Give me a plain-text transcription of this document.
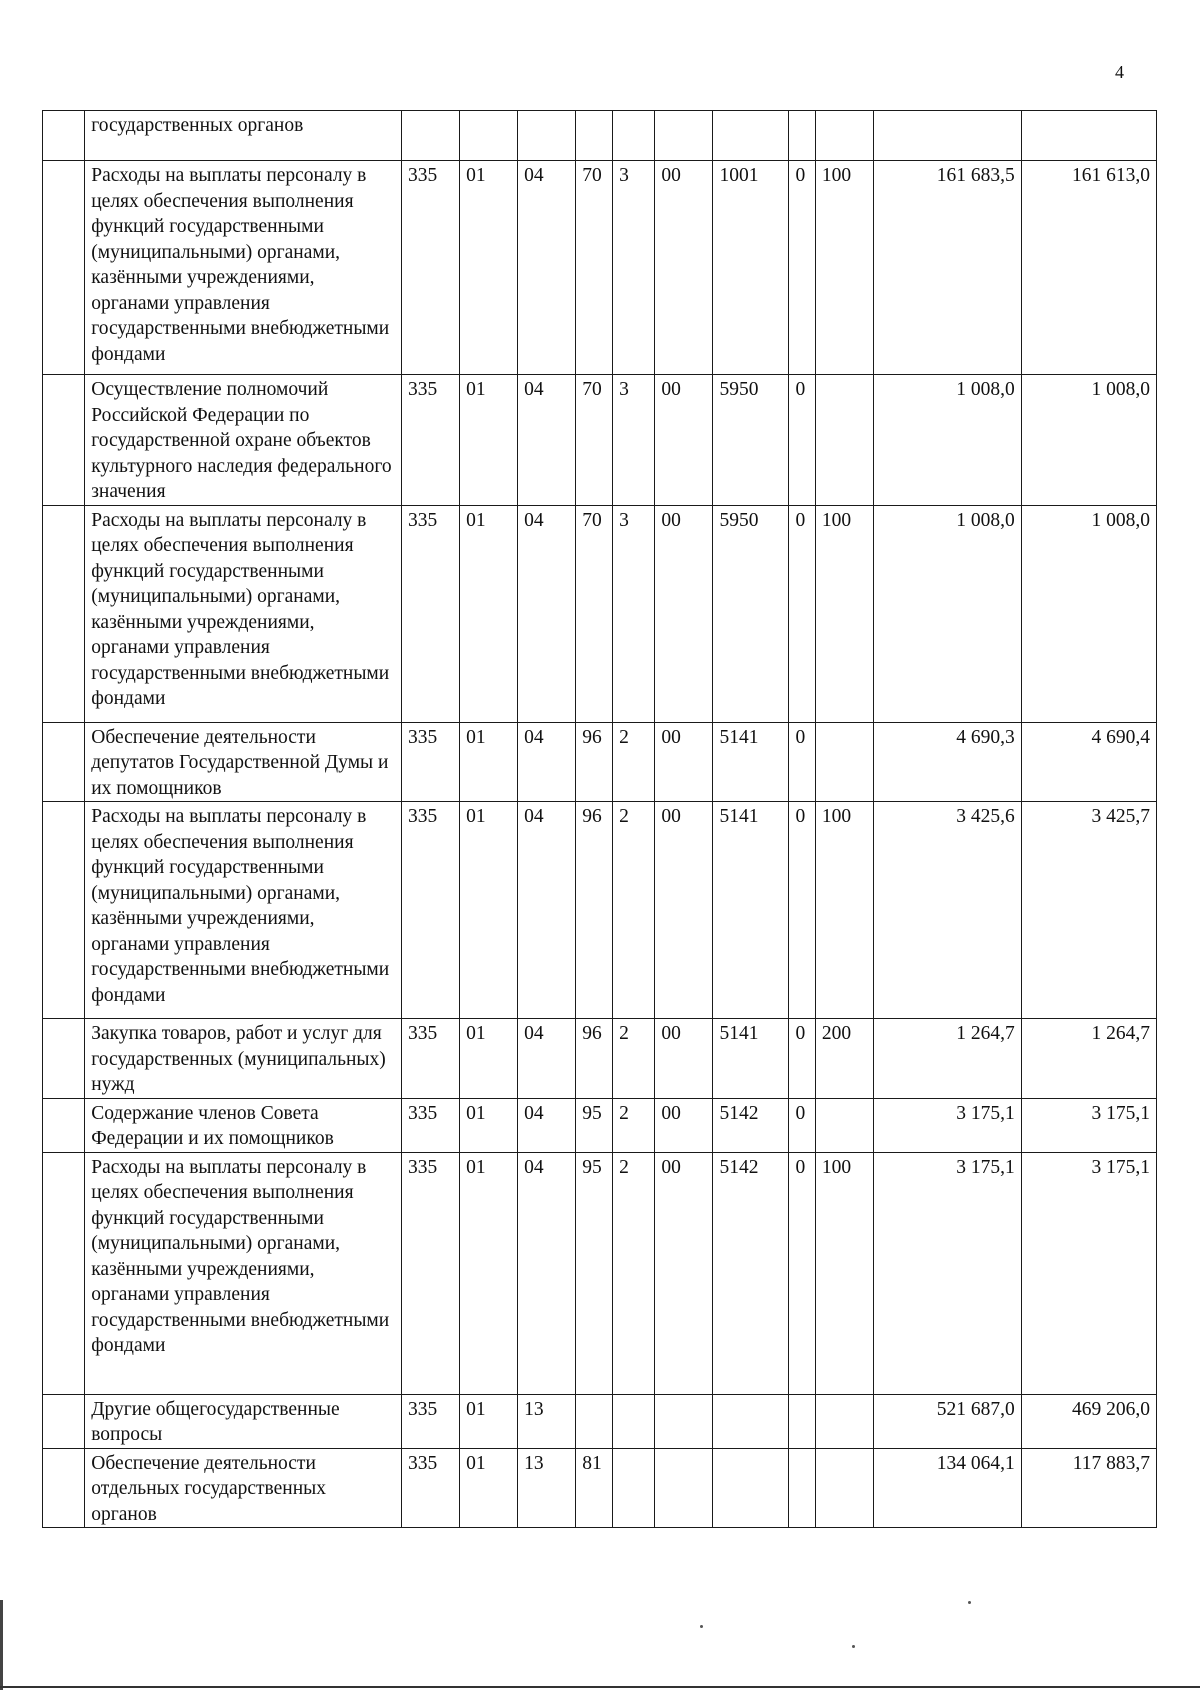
4
	государственных органов											
	Расходы на выплаты персоналу в целях обеспечения выполнения функций государственными (муниципальными) органами, казёнными учреждениями, органами управления государственными внебюджетными фондами	335	01	04	70	3	00	1001	0	100	161 683,5	161 613,0
	Осуществление полномочий Российской Федерации по государственной охране объектов культурного наследия федерального значения	335	01	04	70	3	00	5950	0		1 008,0	1 008,0
	Расходы на выплаты персоналу в целях обеспечения выполнения функций государственными (муниципальными) органами, казёнными учреждениями, органами управления государственными внебюджетными фондами	335	01	04	70	3	00	5950	0	100	1 008,0	1 008,0
	Обеспечение деятельности депутатов Государственной Думы и их помощников	335	01	04	96	2	00	5141	0		4 690,3	4 690,4
	Расходы на выплаты персоналу в целях обеспечения выполнения функций государственными (муниципальными) органами, казёнными учреждениями, органами управления государственными внебюджетными фондами	335	01	04	96	2	00	5141	0	100	3 425,6	3 425,7
	Закупка товаров, работ и услуг для государственных (муниципальных) нужд	335	01	04	96	2	00	5141	0	200	1 264,7	1 264,7
	Содержание членов Совета Федерации и их помощников	335	01	04	95	2	00	5142	0		3 175,1	3 175,1
	Расходы на выплаты персоналу в целях обеспечения выполнения функций государственными (муниципальными) органами, казёнными учреждениями, органами управления государственными внебюджетными фондами	335	01	04	95	2	00	5142	0	100	3 175,1	3 175,1
	Другие общегосударственные вопросы	335	01	13							521 687,0	469 206,0
	Обеспечение деятельности отдельных государственных органов	335	01	13	81						134 064,1	117 883,7
